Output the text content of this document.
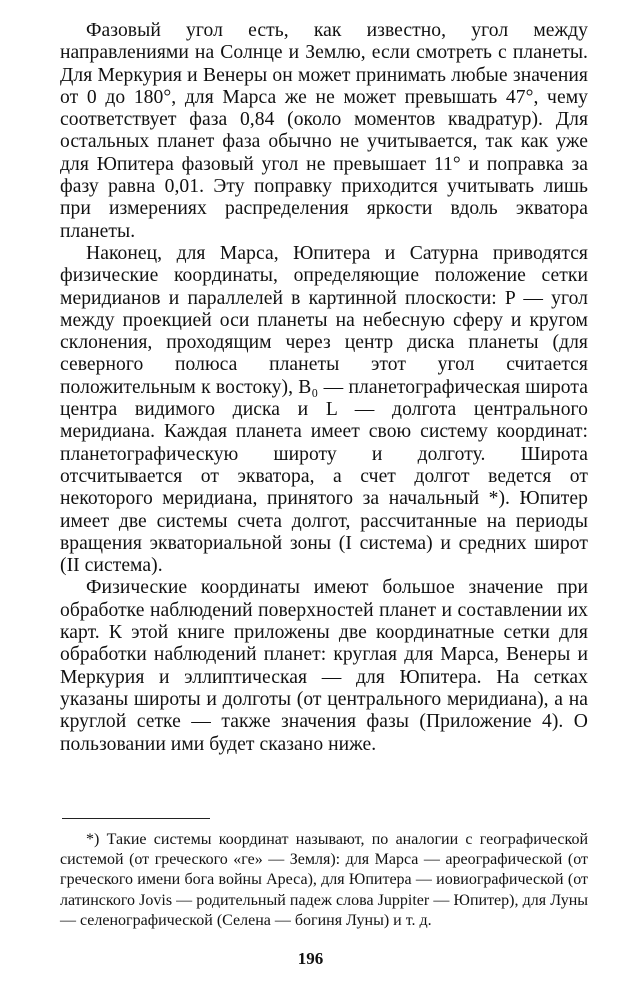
Фазовый угол есть, как известно, угол между направлениями на Солнце и Землю, если смотреть с планеты. Для Меркурия и Венеры он может принимать любые значения от 0 до 180°, для Марса же не может превышать 47°, чему соответствует фаза 0,84 (около моментов квадратур). Для остальных планет фаза обычно не учитывается, так как уже для Юпитера фазовый угол не превышает 11° и поправка за фазу равна 0,01. Эту поправку приходится учитывать лишь при измерениях распределения яркости вдоль экватора планеты.

Наконец, для Марса, Юпитера и Сатурна приводятся физические координаты, определяющие положение сетки меридианов и параллелей в картинной плоскости: P — угол между проекцией оси планеты на небесную сферу и кругом склонения, проходящим через центр диска планеты (для северного полюса планеты этот угол считается положительным к востоку), B₀ — планетографическая широта центра видимого диска и L — долгота центрального меридиана. Каждая планета имеет свою систему координат: планетографическую широту и долготу. Широта отсчитывается от экватора, а счет долгот ведется от некоторого меридиана, принятого за начальный *). Юпитер имеет две системы счета долгот, рассчитанные на периоды вращения экваториальной зоны (I система) и средних широт (II система).

Физические координаты имеют большое значение при обработке наблюдений поверхностей планет и составлении их карт. К этой книге приложены две координатные сетки для обработки наблюдений планет: круглая для Марса, Венеры и Меркурия и эллиптическая — для Юпитера. На сетках указаны широты и долготы (от центрального меридиана), а на круглой сетке — также значения фазы (Приложение 4). О пользовании ими будет сказано ниже.

*) Такие системы координат называют, по аналогии с географической системой (от греческого «ге» — Земля): для Марса — ареографической (от греческого имени бога войны Ареса), для Юпитера — иовиографической (от латинского Jovis — родительный падеж слова Juppiter — Юпитер), для Луны — селенографической (Селена — богиня Луны) и т. д.

196
